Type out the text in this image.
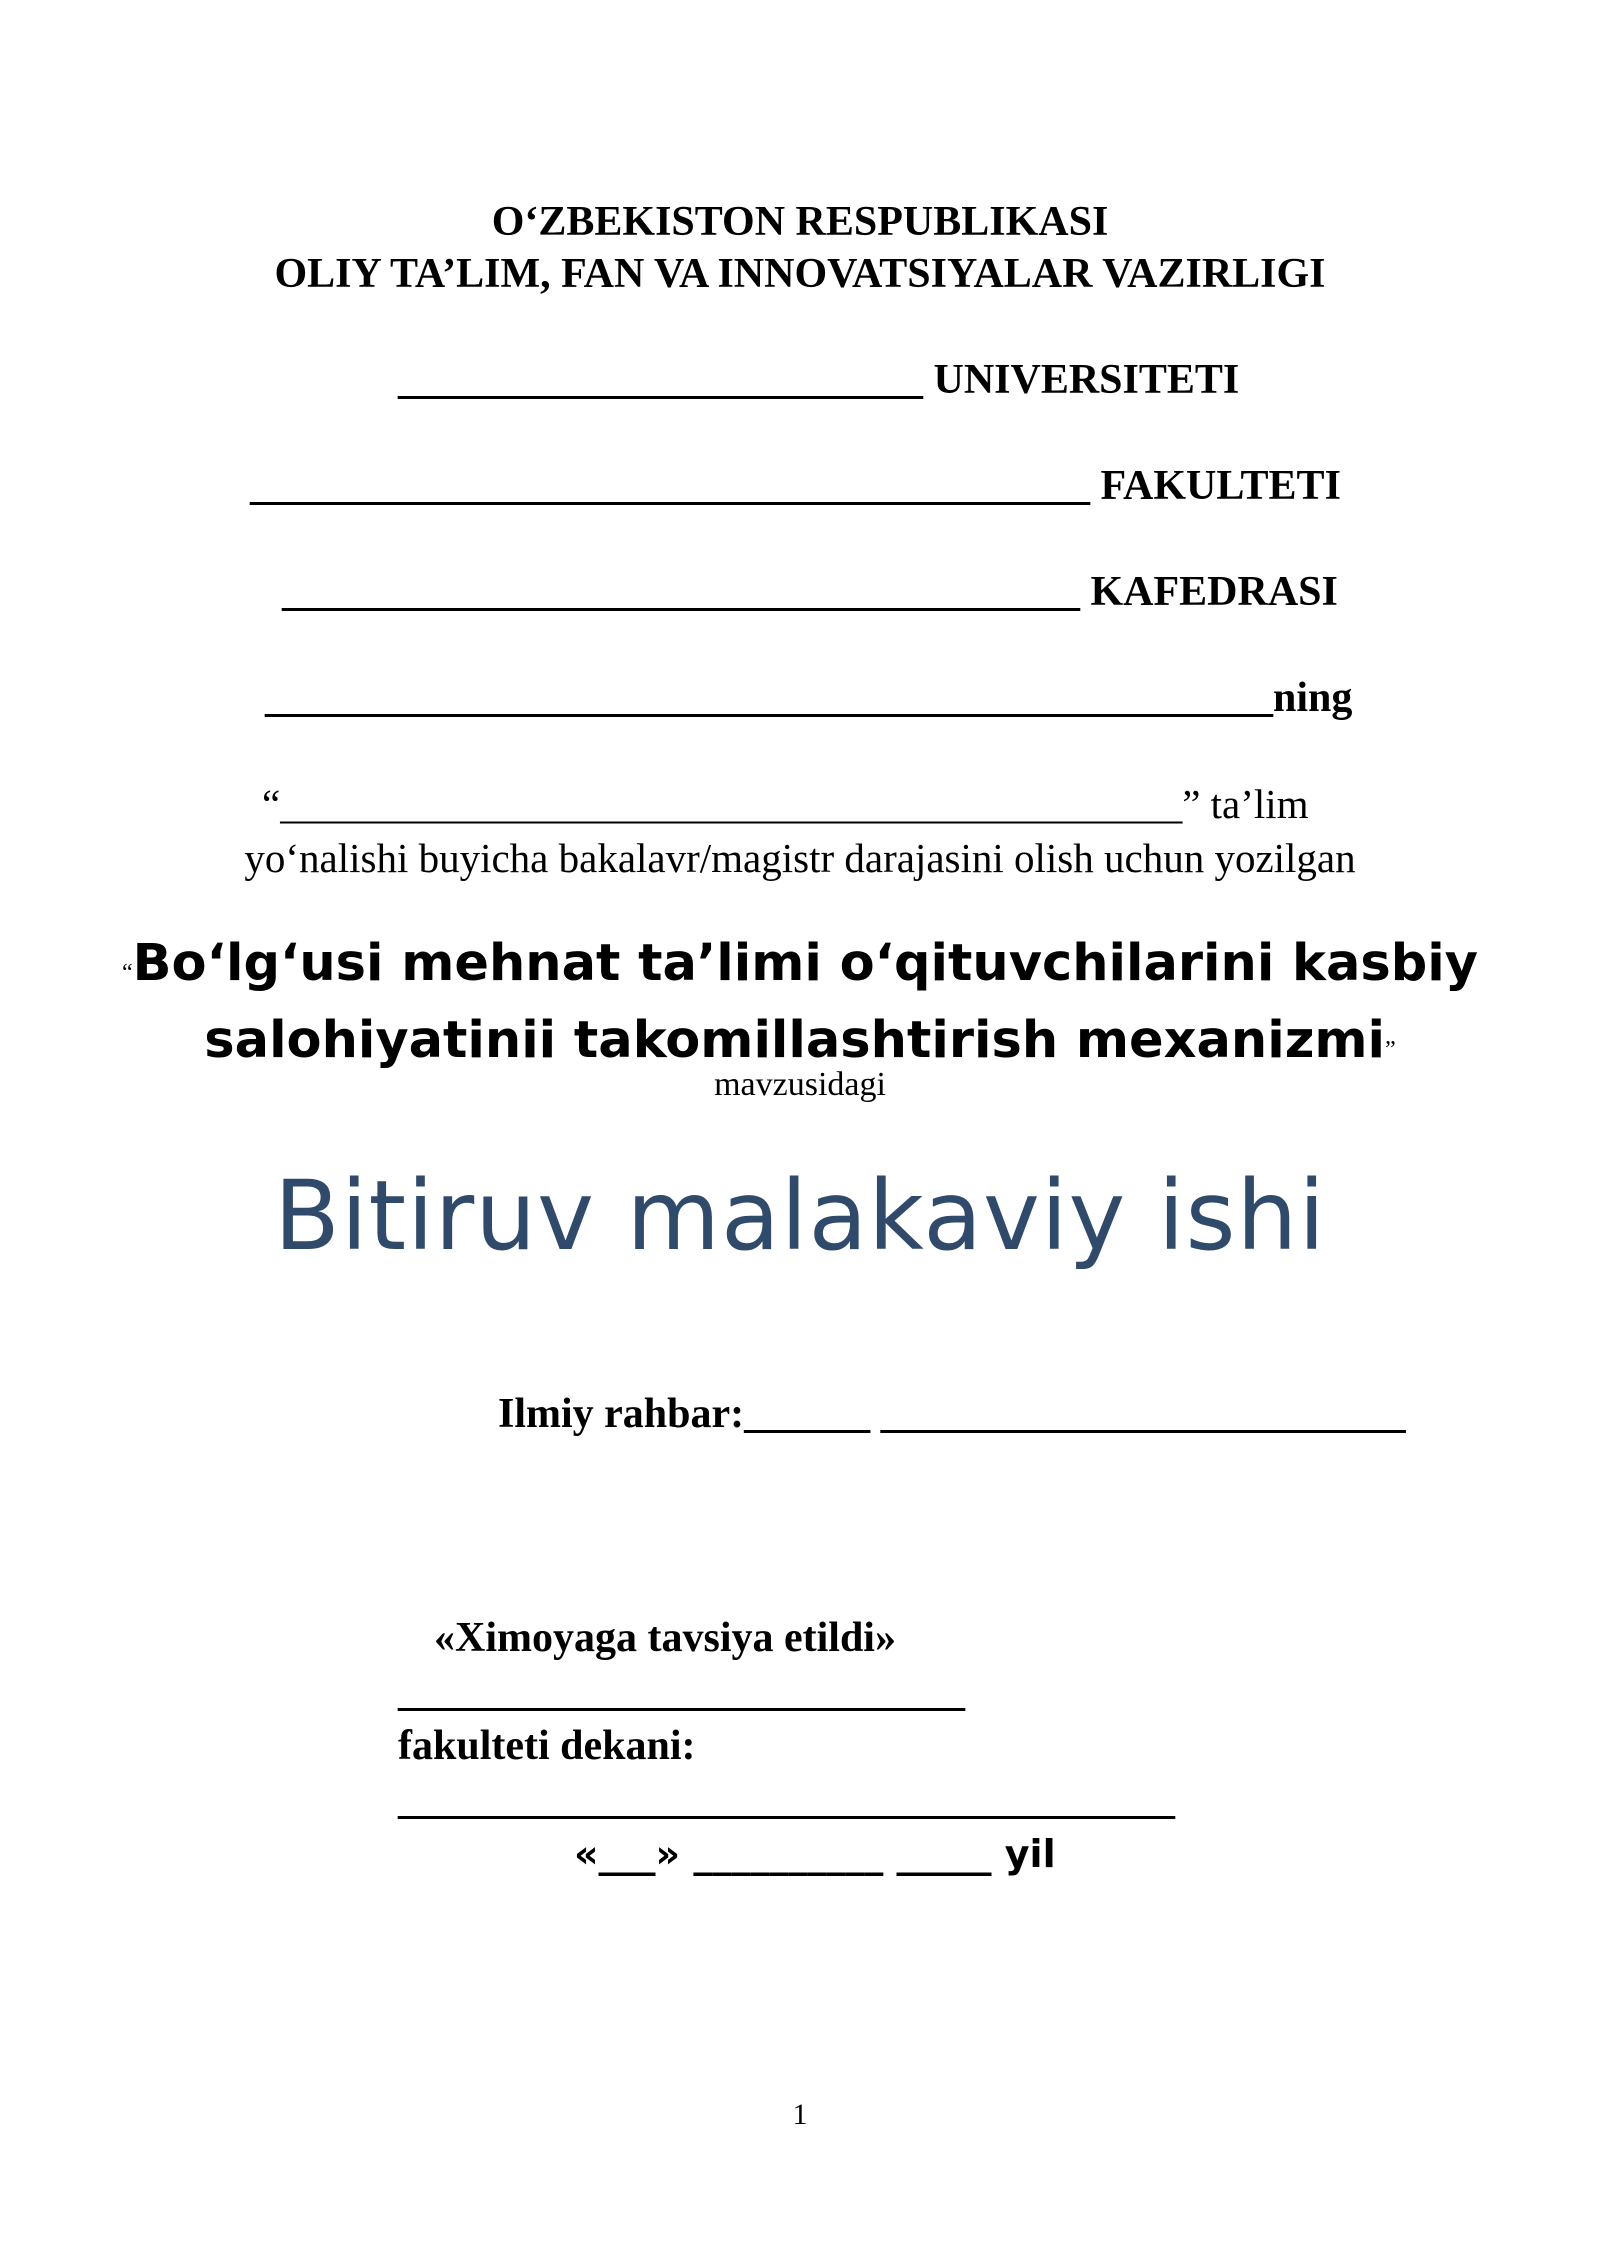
O‘ZBEKISTON RESPUBLIKASI
OLIY TA’LIM, FAN VA INNOVATSIYALAR VAZIRLIGI
_________________________ UNIVERSITETI
________________________________________ FAKULTETI
______________________________________ KAFEDRASI
________________________________________________ning
“____________________________________________” ta’lim
yo‘nalishi buyicha bakalavr/magistr darajasini olish uchun yozilgan
“Bo‘lg‘usi mehnat ta’limi o‘qituvchilarini kasbiy
salohiyatinii takomillashtirish mexanizmi”
mavzusidagi
Bitiruv malakaviy ishi
Ilmiy rahbar:______ _________________________
«Ximoyaga tavsiya etildi»
___________________________
fakulteti dekani:
_____________________________________
«___» __________ _____ yil
1
